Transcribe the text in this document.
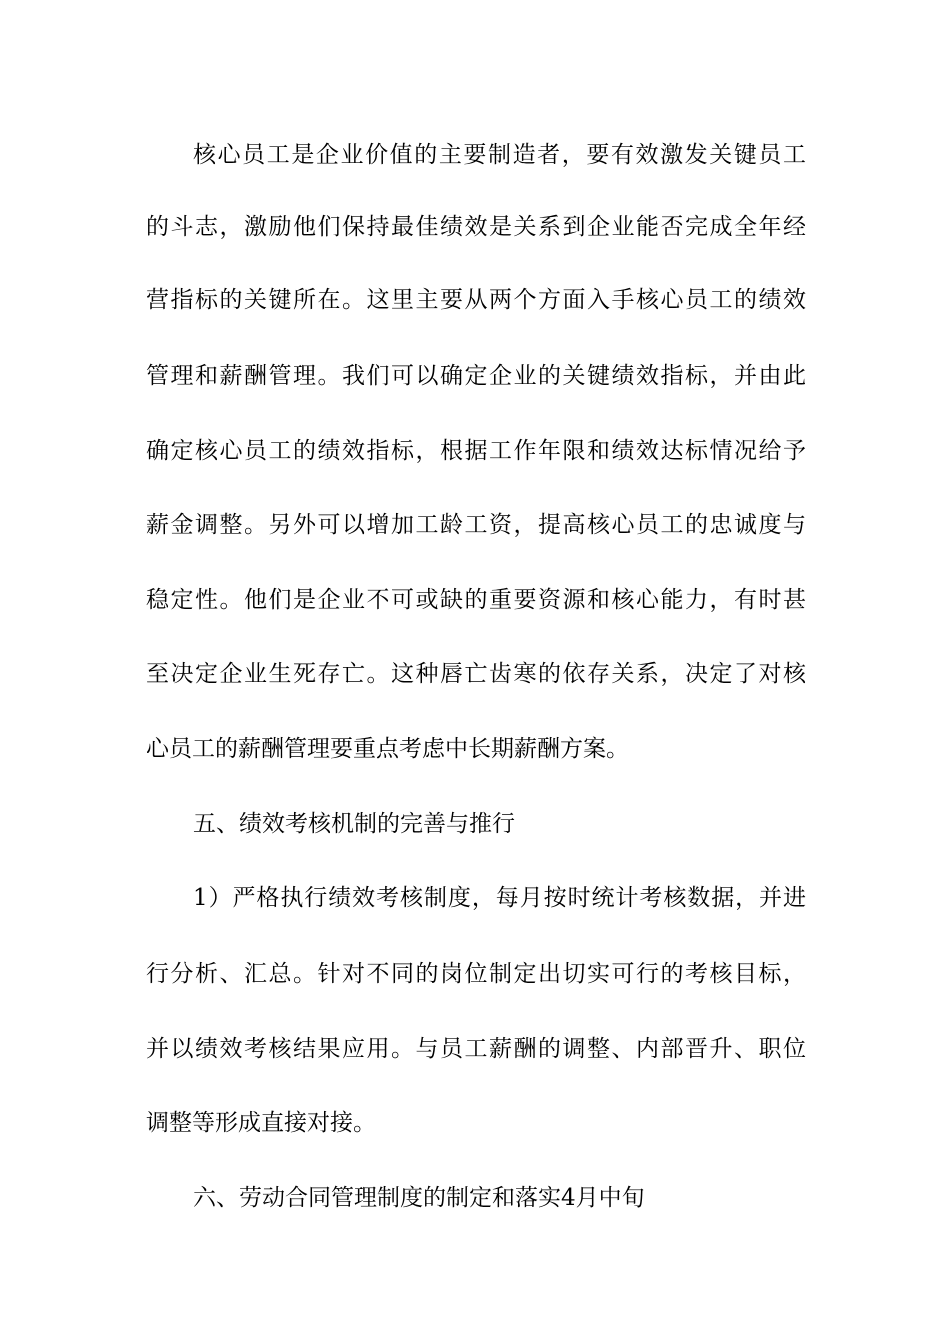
核心员工是企业价值的主要制造者，要有效激发关键员工
的斗志，激励他们保持最佳绩效是关系到企业能否完成全年经
营指标的关键所在。这里主要从两个方面入手核心员工的绩效
管理和薪酬管理。我们可以确定企业的关键绩效指标，并由此
确定核心员工的绩效指标，根据工作年限和绩效达标情况给予
薪金调整。另外可以增加工龄工资，提高核心员工的忠诚度与
稳定性。他们是企业不可或缺的重要资源和核心能力，有时甚
至决定企业生死存亡。这种唇亡齿寒的依存关系，决定了对核
心员工的薪酬管理要重点考虑中长期薪酬方案。
五、绩效考核机制的完善与推行
1）严格执行绩效考核制度，每月按时统计考核数据，并进
行分析、汇总。针对不同的岗位制定出切实可行的考核目标，
并以绩效考核结果应用。与员工薪酬的调整、内部晋升、职位
调整等形成直接对接。
六、劳动合同管理制度的制定和落实4月中旬
